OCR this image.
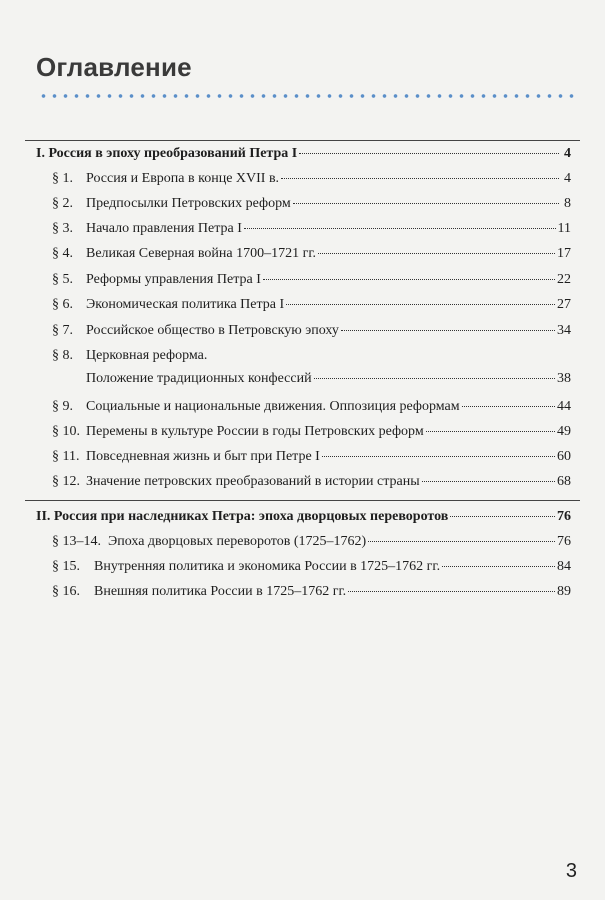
Оглавление
I. Россия в эпоху преобразований Петра I	4
§ 1. Россия и Европа в конце XVII в.	4
§ 2. Предпосылки Петровских реформ	8
§ 3. Начало правления Петра I	11
§ 4. Великая Северная война 1700–1721 гг.	17
§ 5. Реформы управления Петра I	22
§ 6. Экономическая политика Петра I	27
§ 7. Российское общество в Петровскую эпоху	34
§ 8. Церковная реформа.
Положение традиционных конфессий	38
§ 9. Социальные и национальные движения. Оппозиция реформам	44
§ 10. Перемены в культуре России в годы Петровских реформ	49
§ 11. Повседневная жизнь и быт при Петре I	60
§ 12. Значение петровских преобразований в истории страны	68
II. Россия при наследниках Петра: эпоха дворцовых переворотов	76
§ 13–14. Эпоха дворцовых переворотов (1725–1762)	76
§ 15.	Внутренняя политика и экономика России в 1725–1762 гг.	84
§ 16.	Внешняя политика России в 1725–1762 гг.	89
3
